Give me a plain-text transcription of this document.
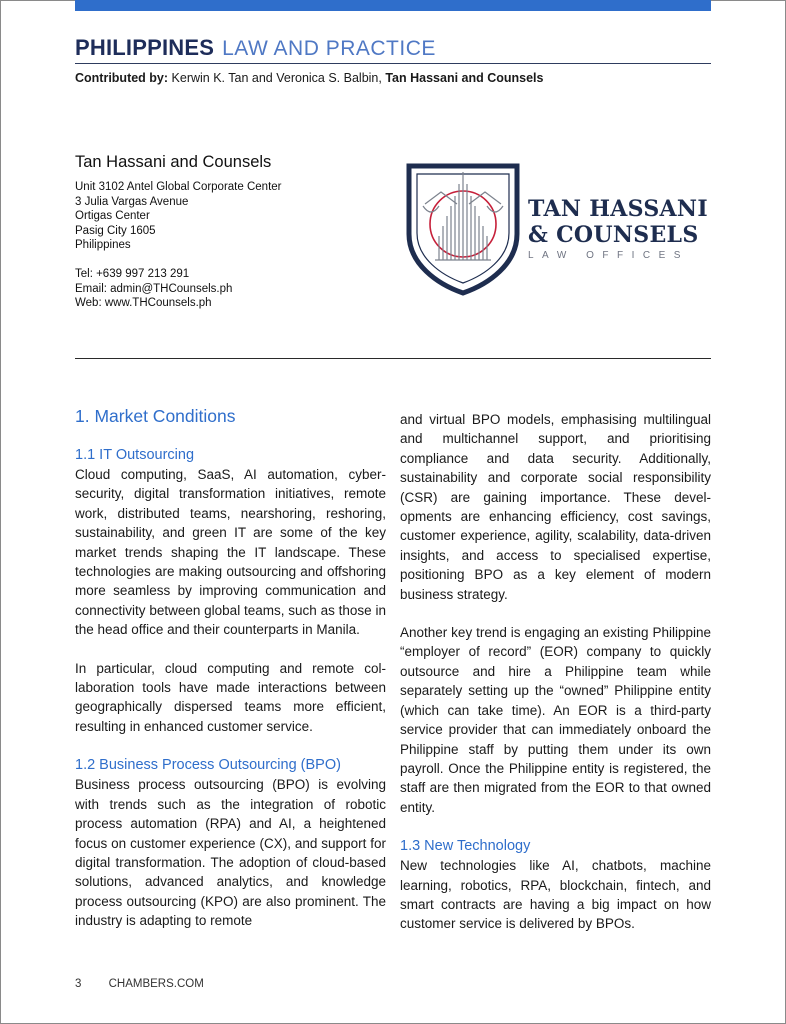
PHILIPPINES LAW AND PRACTICE
Contributed by: Kerwin K. Tan and Veronica S. Balbin, Tan Hassani and Counsels
Tan Hassani and Counsels
Unit 3102 Antel Global Corporate Center
3 Julia Vargas Avenue
Ortigas Center
Pasig City 1605
Philippines
Tel: +639 997 213 291
Email: admin@THCounsels.ph
Web: www.THCounsels.ph
TAN HASSANI
& COUNSELS
LAW OFFICES
1. Market Conditions
1.1 IT Outsourcing

Cloud computing, SaaS, AI automation, cybersecurity, digital transformation initiatives, remote work, distributed teams, nearshoring, reshoring, sustainability, and green IT are some of the key market trends shaping the IT landscape. These technologies are making outsourcing and offshoring more seamless by improving communication and connectivity between global teams, such as those in the head office and their counterparts in Manila.

In particular, cloud computing and remote collaboration tools have made interactions between geographically dispersed teams more efficient, resulting in enhanced customer service.

1.2 Business Process Outsourcing (BPO)

Business process outsourcing (BPO) is evolving with trends such as the integration of robotic process automation (RPA) and AI, a heightened focus on customer experience (CX), and support for digital transformation. The adoption of cloud-based solutions, advanced analytics, and knowledge process outsourcing (KPO) are also prominent. The industry is adapting to remote

and virtual BPO models, emphasising multilingual and multichannel support, and prioritising compliance and data security. Additionally, sustainability and corporate social responsibility (CSR) are gaining importance. These developments are enhancing efficiency, cost savings, customer experience, agility, scalability, data-driven insights, and access to specialised expertise, positioning BPO as a key element of modern business strategy.

Another key trend is engaging an existing Philippine “employer of record” (EOR) company to quickly outsource and hire a Philippine team while separately setting up the “owned” Philippine entity (which can take time). An EOR is a third-party service provider that can immediately onboard the Philippine staff by putting them under its own payroll. Once the Philippine entity is registered, the staff are then migrated from the EOR to that owned entity.

1.3 New Technology

New technologies like AI, chatbots, machine learning, robotics, RPA, blockchain, fintech, and smart contracts are having a big impact on how customer service is delivered by BPOs.

3 CHAMBERS.COM
